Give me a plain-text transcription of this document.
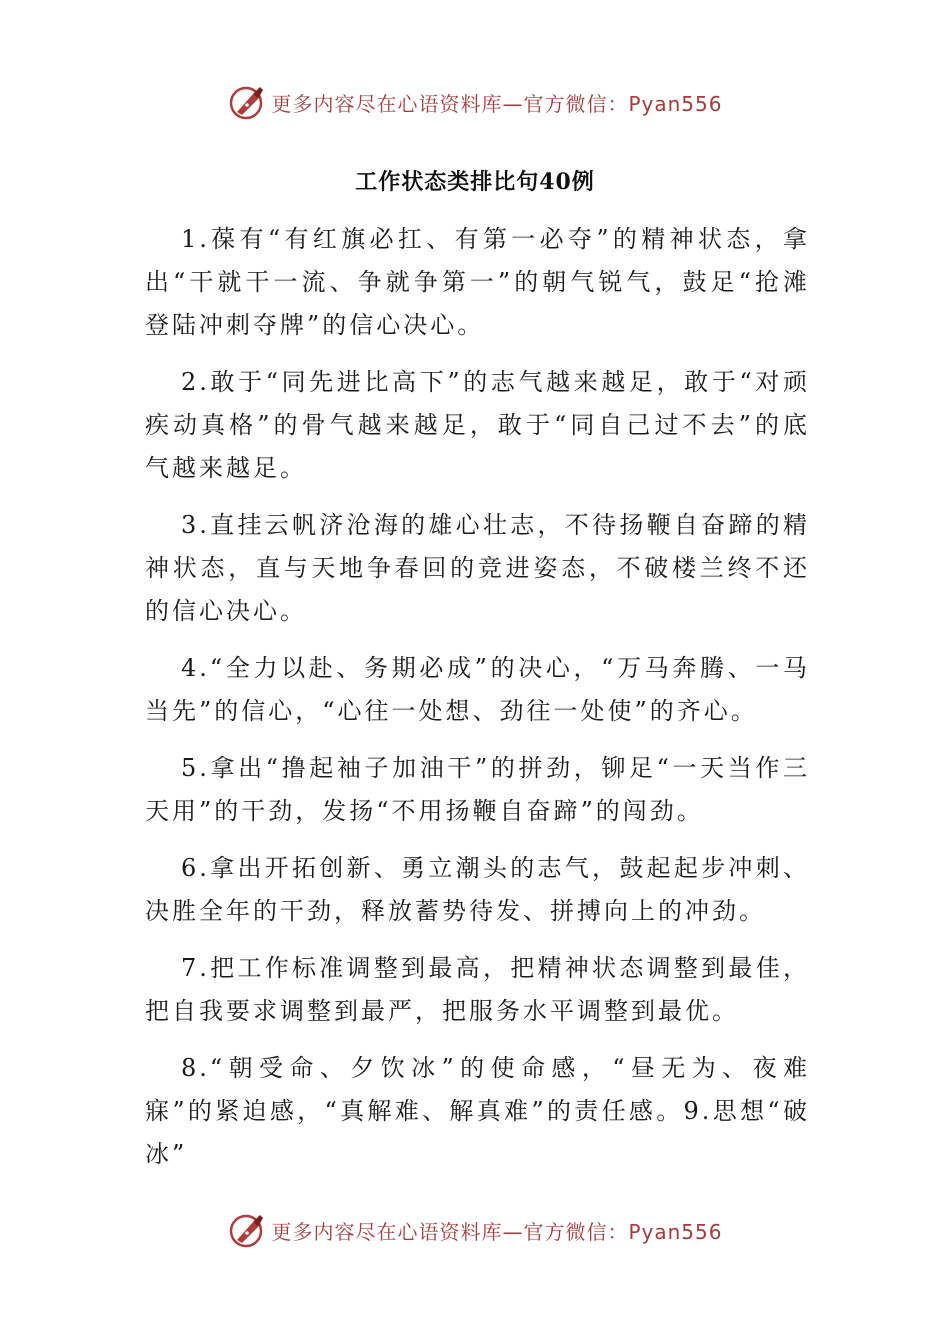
更多内容尽在心语资料库—官方微信：Pyan556
工作状态类排比句40例

1.葆有“有红旗必扛、有第一必夺”的精神状态，拿出“干就干一流、争就争第一”的朝气锐气，鼓足“抢滩登陆冲刺夺牌”的信心决心。

2.敢于“同先进比高下”的志气越来越足，敢于“对顽疾动真格”的骨气越来越足，敢于“同自己过不去”的底气越来越足。

3.直挂云帆济沧海的雄心壮志，不待扬鞭自奋蹄的精神状态，直与天地争春回的竞进姿态，不破楼兰终不还的信心决心。

4.“全力以赴、务期必成”的决心，“万马奔腾、一马当先”的信心，“心往一处想、劲往一处使”的齐心。

5.拿出“撸起袖子加油干”的拼劲，铆足“一天当作三天用”的干劲，发扬“不用扬鞭自奋蹄”的闯劲。

6.拿出开拓创新、勇立潮头的志气，鼓起起步冲刺、决胜全年的干劲，释放蓄势待发、拼搏向上的冲劲。

7.把工作标准调整到最高，把精神状态调整到最佳，把自我要求调整到最严，把服务水平调整到最优。

8.“朝受命、夕饮冰”的使命感，“昼无为、夜难寐”的紧迫感，“真解难、解真难”的责任感。9.思想“破冰”

更多内容尽在心语资料库—官方微信：Pyan556
